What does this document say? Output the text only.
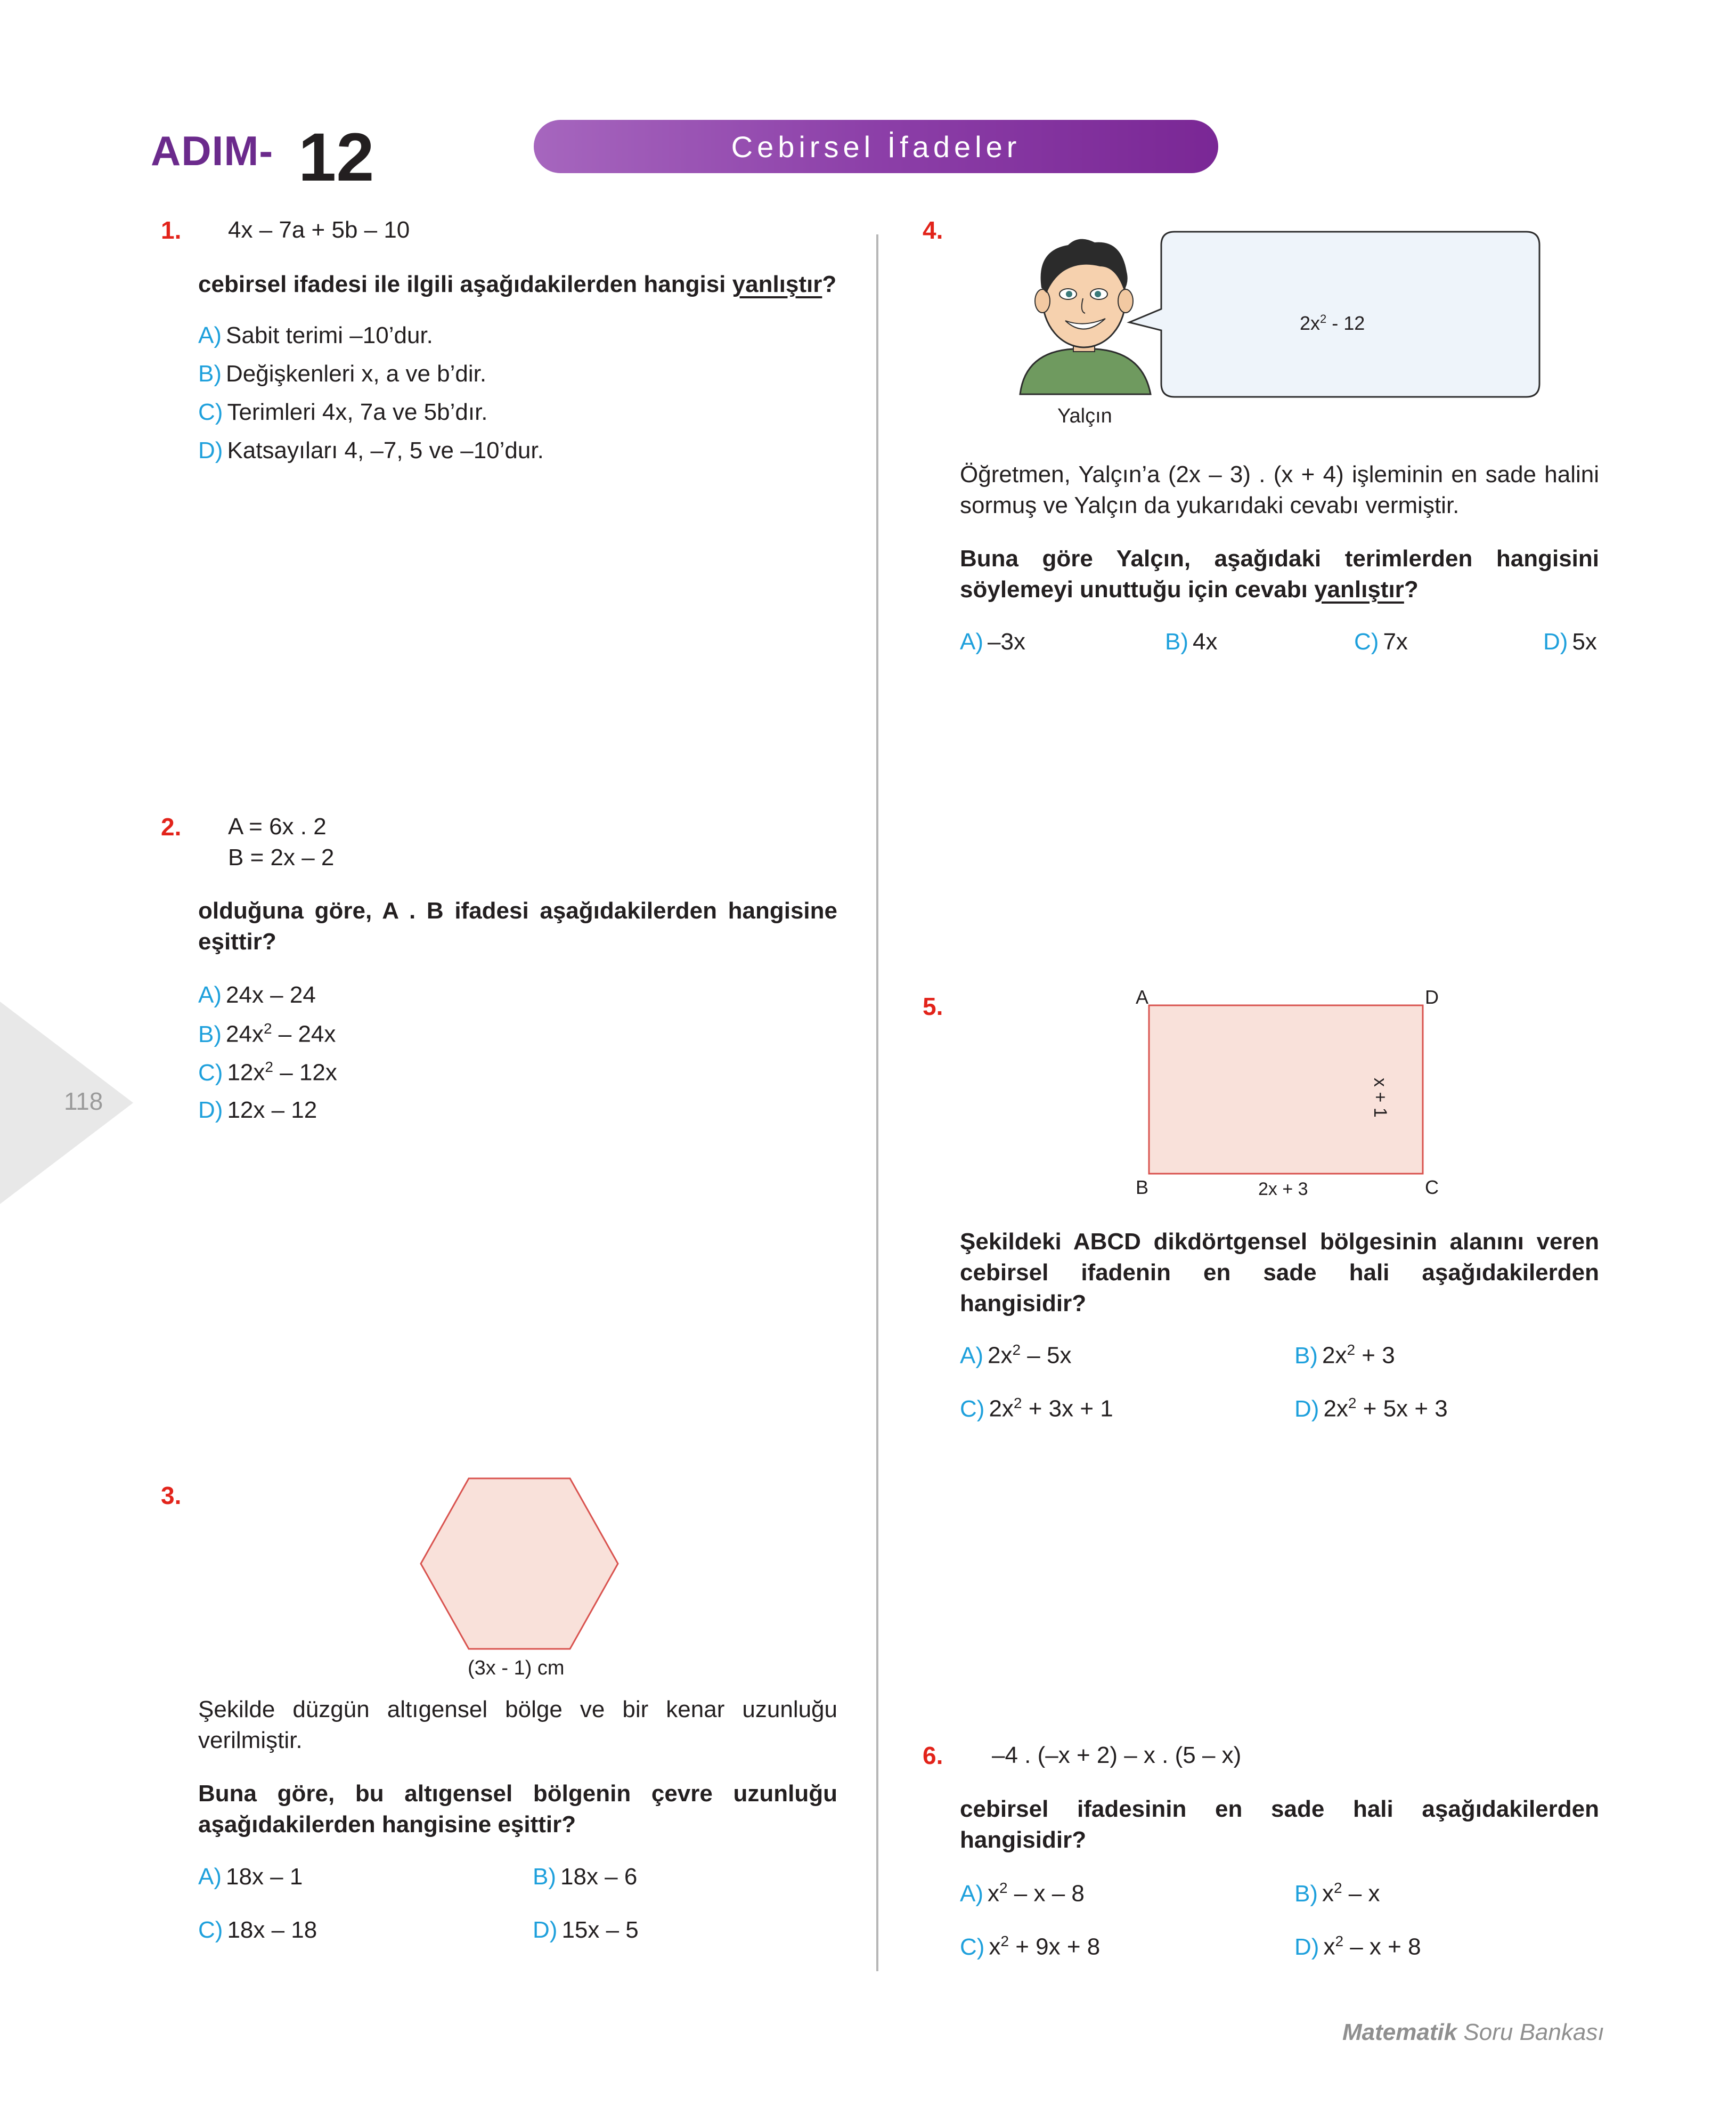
ADIM- 12	Cebirsel İfadeler
118
1. 4x – 7a + 5b – 10
cebirsel ifadesi ile ilgili aşağıdakilerden hangisi yanlıştır?
A) Sabit terimi –10’dur.
B) Değişkenleri x, a ve b’dir.
C) Terimleri 4x, 7a ve 5b’dır.
D) Katsayıları 4, –7, 5 ve –10’dur.
2. A = 6x . 2
B = 2x – 2
olduğuna göre, A . B ifadesi aşağıdakilerden hangisine eşittir?
A) 24x – 24
B) $24x^2 - 24x$
C) $12x^2 - 12x$
D) 12x – 12
3.
(3x - 1) cm
Şekilde düzgün altıgensel bölge ve bir kenar uzunluğu verilmiştir.
Buna göre, bu altıgensel bölgenin çevre uzunluğu aşağıdakilerden hangisine eşittir?
A) 18x – 1	B) 18x – 6
C) 18x – 18	D) 15x – 5
4.
$2x^2 - 12$
Yalçın
Öğretmen, Yalçın’a (2x – 3) . (x + 4) işleminin en sade halini sormuş ve Yalçın da yukarıdaki cevabı vermiştir.
Buna göre Yalçın, aşağıdaki terimlerden hangisini söylemeyi unuttuğu için cevabı yanlıştır?
A) –3x	B) 4x	C) 7x	D) 5x
5.	A	D
B	C
2x + 3
x + 1
Şekildeki ABCD dikdörtgensel bölgesinin alanını veren cebirsel ifadenin en sade hali aşağıdakilerden hangisidir?
A) $2x^2 - 5x$	B) $2x^2 + 3$
C) $2x^2 + 3x + 1$	D) $2x^2 + 5x + 3$
6. –4 . (–x + 2) – x . (5 – x)
cebirsel ifadesinin en sade hali aşağıdakilerden hangisidir?
A) $x^2$ – x – 8	B) $x^2$ – x
C) $x^2 + 9x + 8$	D) $x^2 - x + 8$
Matematik Soru Bankası
